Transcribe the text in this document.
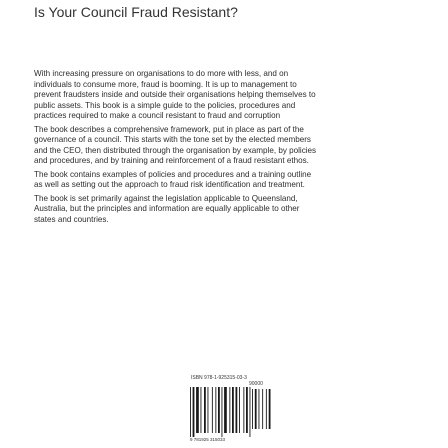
Is Your Council Fraud Resistant?

With increasing pressure on organisations to do more with less, and on individuals to consume more, fraud is booming. It is up to management to prevent fraudsters inside and outside their organisations helping themselves to public assets. This book is a simple guide to the policies, procedures and practices required to make a council resistant to fraud and corruption

The book describes a comprehensive framework, put in place as part of the governance of a council. This starts with the tone set by the elected members and the CEO, then distributed through the organisation by example, by policies and procedures, and by training and reinforcement of a fraud resistant ethos.

The book contains examples of policies and procedures and a training outline as well as setting out the approach to fraud risk identification and treatment.

The book is set primarily against the legislation applicable to Queensland, Australia, but the principles and information are equally applicable to other states and countries.

ISBN 978-1-925315-03-3
90000
9 781925 315033
